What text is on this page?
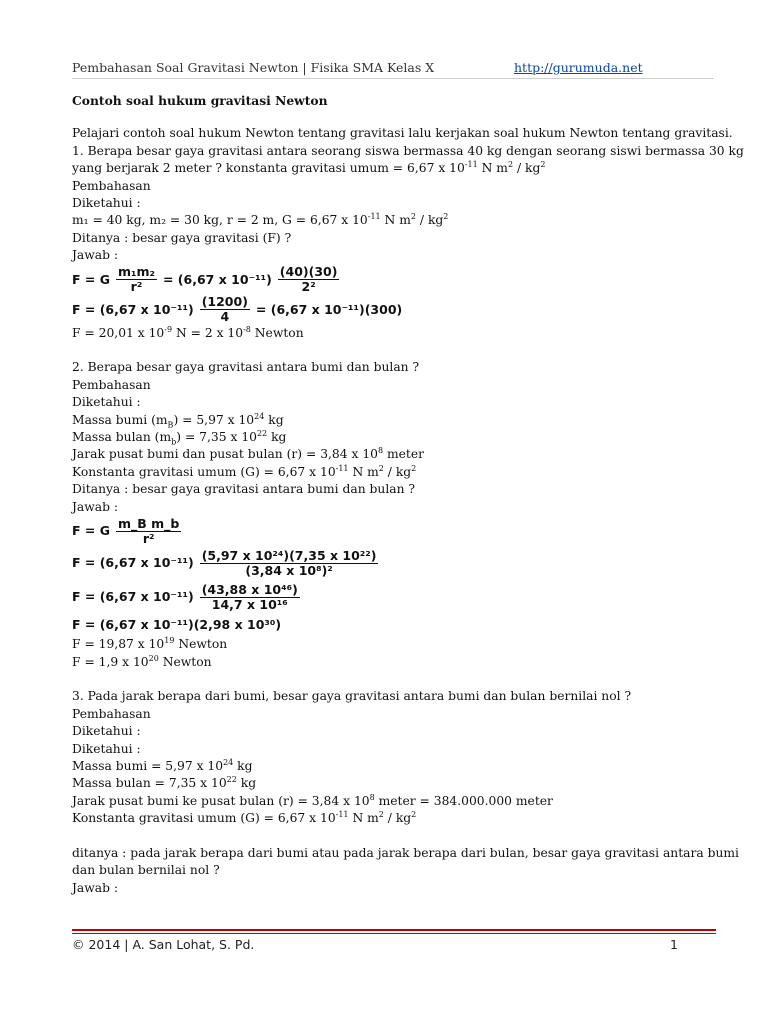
Pembahasan Soal Gravitasi Newton | Fisika SMA Kelas X	http://gurumuda.net
Contoh soal hukum gravitasi Newton
Pelajari contoh soal hukum Newton tentang gravitasi lalu kerjakan soal hukum Newton tentang gravitasi.
1. Berapa besar gaya gravitasi antara seorang siswa bermassa 40 kg dengan seorang siswi bermassa 30 kg
yang berjarak 2 meter ? konstanta gravitasi umum = 6,67 x $10^{-11}$ N $m^2 / kg^2$
Pembahasan
Diketahui :
m₁ = 40 kg, m₂ = 30 kg, r = 2 m, G = 6,67 x $10^{-11}$ N $m^2 / kg^2$
Ditanya : besar gaya gravitasi (F) ?
Jawab :
F = G $\frac{\text{m₁m₂}}{\text{r²}} = (6,67$ x $10^{-11}) \frac{(40)(30)}{\text{2²}}$
F = (6,67 x $10^{-11}) \frac{(1200)}{4} = (6,67$ x 10⁻¹¹)(300)
F = 20,01 x $10^{-9}$ N = 2 x $10^{-8}$ Newton
2. Berapa besar gaya gravitasi antara bumi dan bulan ?
Pembahasan
Diketahui :
Massa bumi $(m_B) = 5,97$ x $10^{24}$ kg
Massa bulan $(m_b) = 7,35$ x $10^{22}$ kg
Jarak pusat bumi dan pusat bulan (r) = 3,84 x $10^8$ meter
Konstanta gravitasi umum (G) = 6,67 x $10^{-11}$ N $m^2 / kg^2$
Ditanya : besar gaya gravitasi antara bumi dan bulan ?
Jawab :
F = G $\frac{\text{m\_B m\_b}}{\text{r²}}$
F = (6,67 x $10^{-11}) \frac{\text{(5,97 x 10²⁴)(7,35 x 10²²)}}{\text{(3,84 x 10⁸)²}}$
F = (6,67 x $10^{-11}) \frac{\text{(43,88 x 10⁴⁶)}}{\text{14,7 x 10¹⁶}}$
F = (6,67 x 10⁻¹¹)(2,98 x 10³⁰)
F = 19,87 x $10^{19}$ Newton
F = 1,9 x $10^{20}$ Newton
3. Pada jarak berapa dari bumi, besar gaya gravitasi antara bumi dan bulan bernilai nol ?
Pembahasan
Diketahui :
Diketahui :
Massa bumi = 5,97 x $10^{24}$ kg
Massa bulan = 7,35 x $10^{22}$ kg
Jarak pusat bumi ke pusat bulan (r) = 3,84 x $10^8$ meter = 384.000.000 meter
Konstanta gravitasi umum (G) = 6,67 x $10^{-11}$ N $m^2 / kg^2$
ditanya : pada jarak berapa dari bumi atau pada jarak berapa dari bulan, besar gaya gravitasi antara bumi
dan bulan bernilai nol ?
Jawab :
© 2014 | A. San Lohat, S. Pd.	1
